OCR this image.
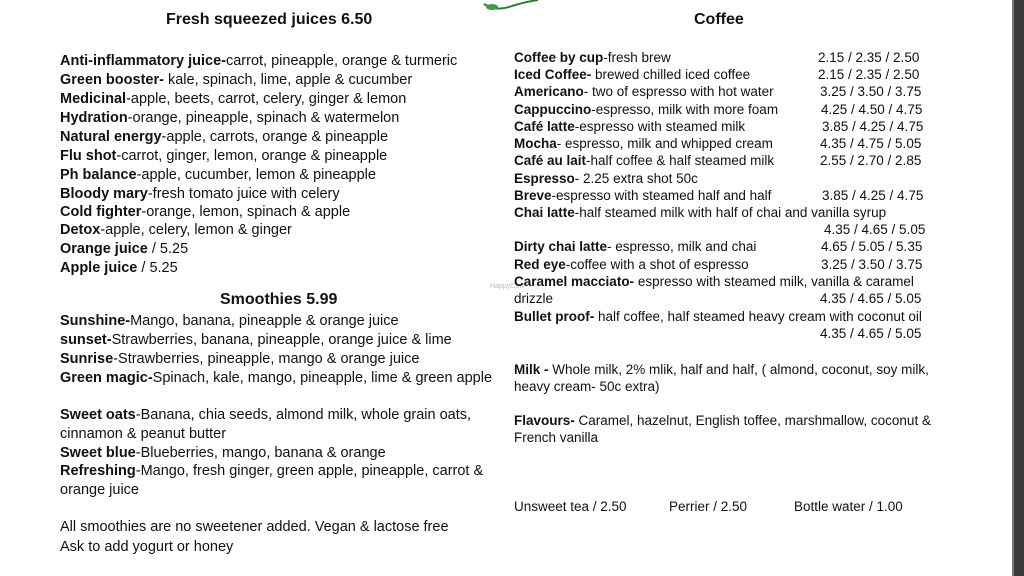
HappyCow
Fresh squeezed juices 6.50
Anti-inflammatory juice-carrot, pineapple, orange & turmeric
Green booster- kale, spinach, lime, apple & cucumber
Medicinal-apple, beets, carrot, celery, ginger & lemon
Hydration-orange, pineapple, spinach & watermelon
Natural energy-apple, carrots, orange & pineapple
Flu shot-carrot, ginger, lemon, orange & pineapple
Ph balance-apple, cucumber, lemon & pineapple
Bloody mary-fresh tomato juice with celery
Cold fighter-orange, lemon, spinach & apple
Detox-apple, celery, lemon & ginger
Orange juice / 5.25
Apple juice / 5.25
Smoothies 5.99
Sunshine-Mango, banana, pineapple & orange juice
sunset-Strawberries, banana, pineapple, orange juice & lime
Sunrise-Strawberries, pineapple, mango & orange juice
Green magic-Spinach, kale, mango, pineapple, lime & green apple
Sweet oats-Banana, chia seeds, almond milk, whole grain oats, cinnamon & peanut butter
Sweet blue-Blueberries, mango, banana & orange
Refreshing-Mango, fresh ginger, green apple, pineapple, carrot & orange juice
All smoothies are no sweetener added. Vegan & lactose free
Ask to add yogurt or honey
Coffee
Coffee by cup-fresh brew	2.15 / 2.35 / 2.50
Iced Coffee- brewed chilled iced coffee	2.15 / 2.35 / 2.50
Americano- two of espresso with hot water	3.25 / 3.50 / 3.75
Cappuccino-espresso, milk with more foam	4.25 / 4.50 / 4.75
Café latte-espresso with steamed milk	3.85 / 4.25 / 4.75
Mocha- espresso, milk and whipped cream	4.35 / 4.75 / 5.05
Café au lait-half coffee & half steamed milk	2.55 / 2.70 / 2.85
Espresso- 2.25 extra shot 50c
Breve-espresso with steamed half and half	3.85 / 4.25 / 4.75
Chai latte-half steamed milk with half of chai and vanilla syrup
4.35 / 4.65 / 5.05
Dirty chai latte- espresso, milk and chai	4.65 / 5.05 / 5.35
Red eye-coffee with a shot of espresso	3.25 / 3.50 / 3.75
Caramel macciato- espresso with steamed milk, vanilla & caramel drizzle	4.35 / 4.65 / 5.05
Bullet proof- half coffee, half steamed heavy cream with coconut oil
4.35 / 4.65 / 5.05
Milk - Whole milk, 2% mlik, half and half, ( almond, coconut, soy milk, heavy cream- 50c extra)
Flavours- Caramel, hazelnut, English toffee, marshmallow, coconut & French vanilla
Unsweet tea / 2.50	Perrier / 2.50	Bottle water / 1.00
